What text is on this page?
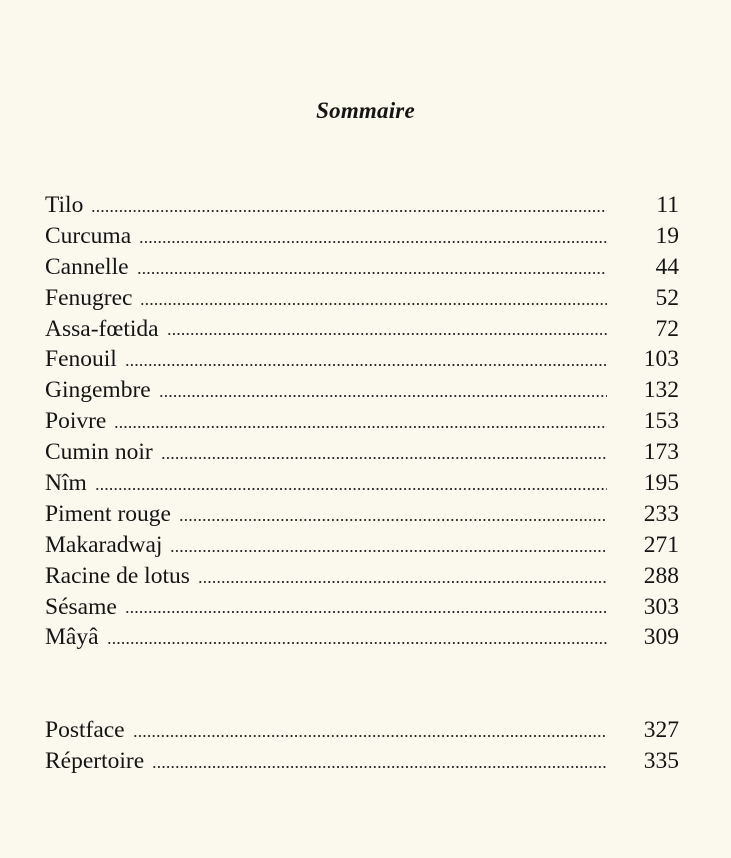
Sommaire
Tilo	11
Curcuma	19
Cannelle	44
Fenugrec	52
Assa-fœtida	72
Fenouil	103
Gingembre	132
Poivre	153
Cumin noir	173
Nîm	195
Piment rouge	233
Makaradwaj	271
Racine de lotus	288
Sésame	303
Mâyâ	309
Postface	327
Répertoire	335
